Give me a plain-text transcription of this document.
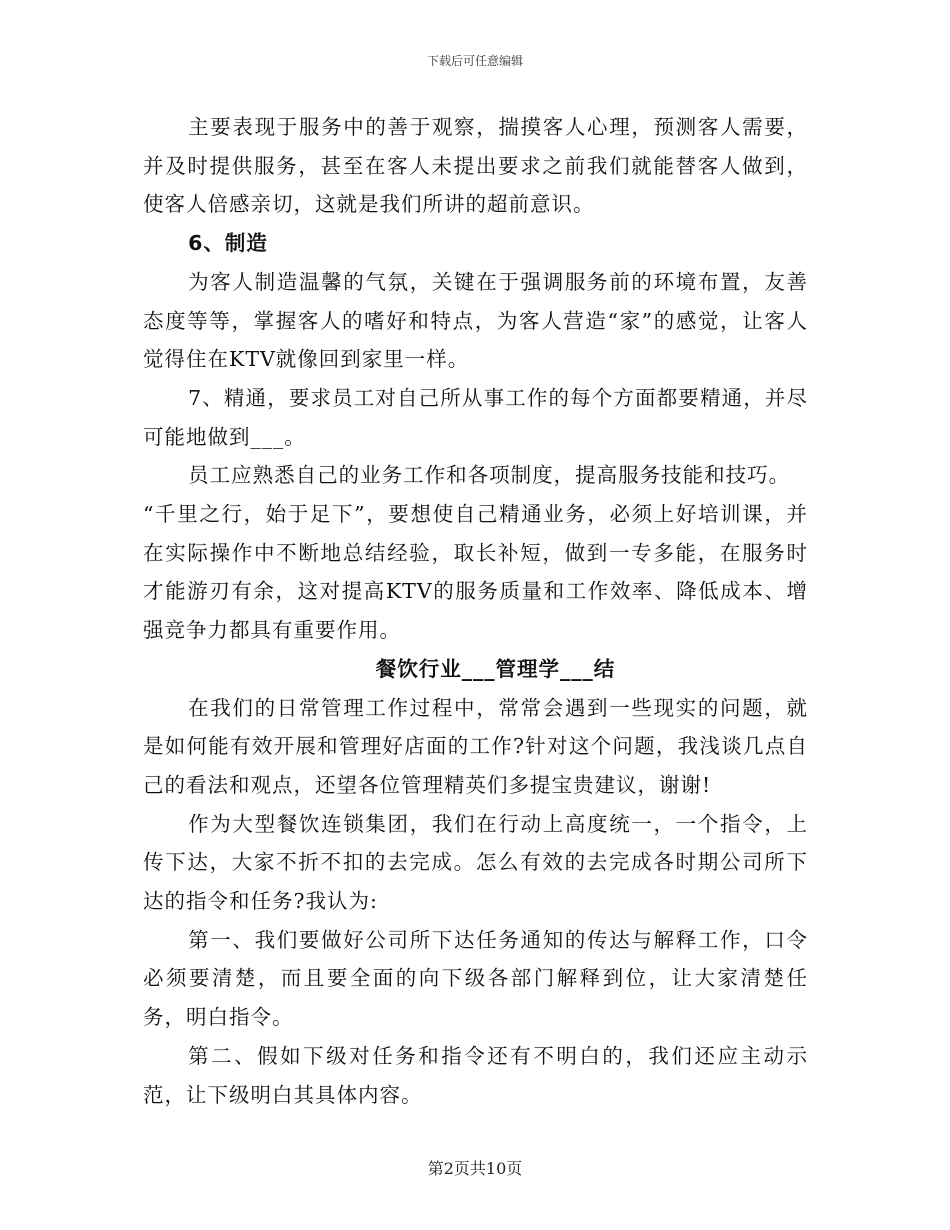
下载后可任意编辑

主要表现于服务中的善于观察，揣摸客人心理，预测客人需要，并及时提供服务，甚至在客人未提出要求之前我们就能替客人做到，使客人倍感亲切，这就是我们所讲的超前意识。

6、制造

为客人制造温馨的气氛，关键在于强调服务前的环境布置，友善态度等等，掌握客人的嗜好和特点，为客人营造“家”的感觉，让客人觉得住在KTV就像回到家里一样。

7、精通，要求员工对自己所从事工作的每个方面都要精通，并尽可能地做到___。

员工应熟悉自己的业务工作和各项制度，提高服务技能和技巧。

“千里之行，始于足下”，要想使自己精通业务，必须上好培训课，并在实际操作中不断地总结经验，取长补短，做到一专多能，在服务时才能游刃有余，这对提高KTV的服务质量和工作效率、降低成本、增强竞争力都具有重要作用。

餐饮行业___管理学___结

在我们的日常管理工作过程中，常常会遇到一些现实的问题，就是如何能有效开展和管理好店面的工作?针对这个问题，我浅谈几点自己的看法和观点，还望各位管理精英们多提宝贵建议，谢谢!

作为大型餐饮连锁集团，我们在行动上高度统一，一个指令，上传下达，大家不折不扣的去完成。怎么有效的去完成各时期公司所下达的指令和任务?我认为:

第一、我们要做好公司所下达任务通知的传达与解释工作，口令必须要清楚，而且要全面的向下级各部门解释到位，让大家清楚任务，明白指令。

第二、假如下级对任务和指令还有不明白的，我们还应主动示范，让下级明白其具体内容。

第2页共10页
